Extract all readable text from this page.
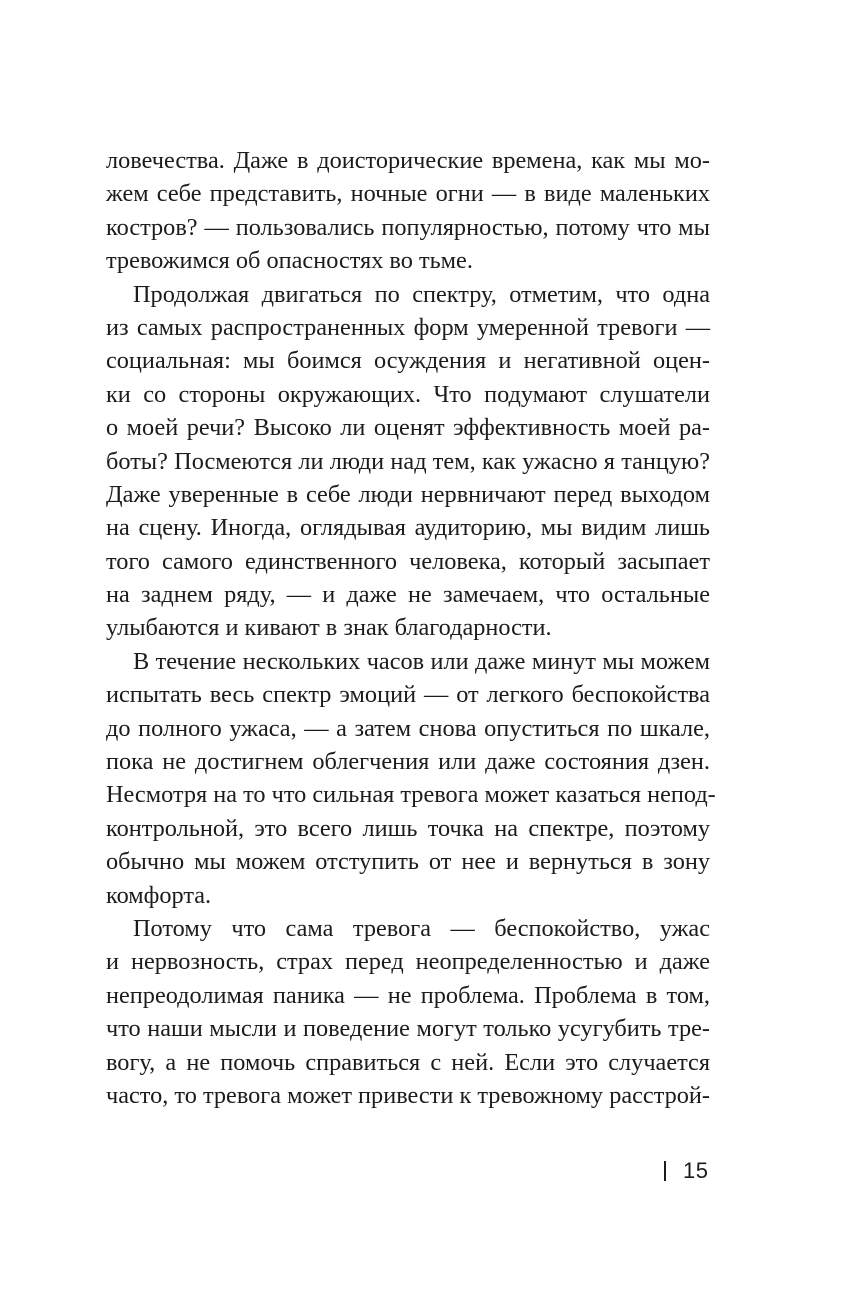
ловечества. Даже в доисторические времена, как мы мо-
жем себе представить, ночные огни — в виде маленьких
костров? — пользовались популярностью, потому что мы
тревожимся об опасностях во тьме.
Продолжая двигаться по спектру, отметим, что одна
из самых распространенных форм умеренной тревоги —
социальная: мы боимся осуждения и негативной оцен-
ки со стороны окружающих. Что подумают слушатели
о моей речи? Высоко ли оценят эффективность моей ра-
боты? Посмеются ли люди над тем, как ужасно я танцую?
Даже уверенные в себе люди нервничают перед выходом
на сцену. Иногда, оглядывая аудиторию, мы видим лишь
того самого единственного человека, который засыпает
на заднем ряду, — и даже не замечаем, что остальные
улыбаются и кивают в знак благодарности.
В течение нескольких часов или даже минут мы можем
испытать весь спектр эмоций — от легкого беспокойства
до полного ужаса, — а затем снова опуститься по шкале,
пока не достигнем облегчения или даже состояния дзен.
Несмотря на то что сильная тревога может казаться непод-
контрольной, это всего лишь точка на спектре, поэтому
обычно мы можем отступить от нее и вернуться в зону
комфорта.
Потому что сама тревога — беспокойство, ужас
и нервозность, страх перед неопределенностью и даже
непреодолимая паника — не проблема. Проблема в том,
что наши мысли и поведение могут только усугубить тре-
вогу, а не помочь справиться с ней. Если это случается
часто, то тревога может привести к тревожному расстрой-
15
